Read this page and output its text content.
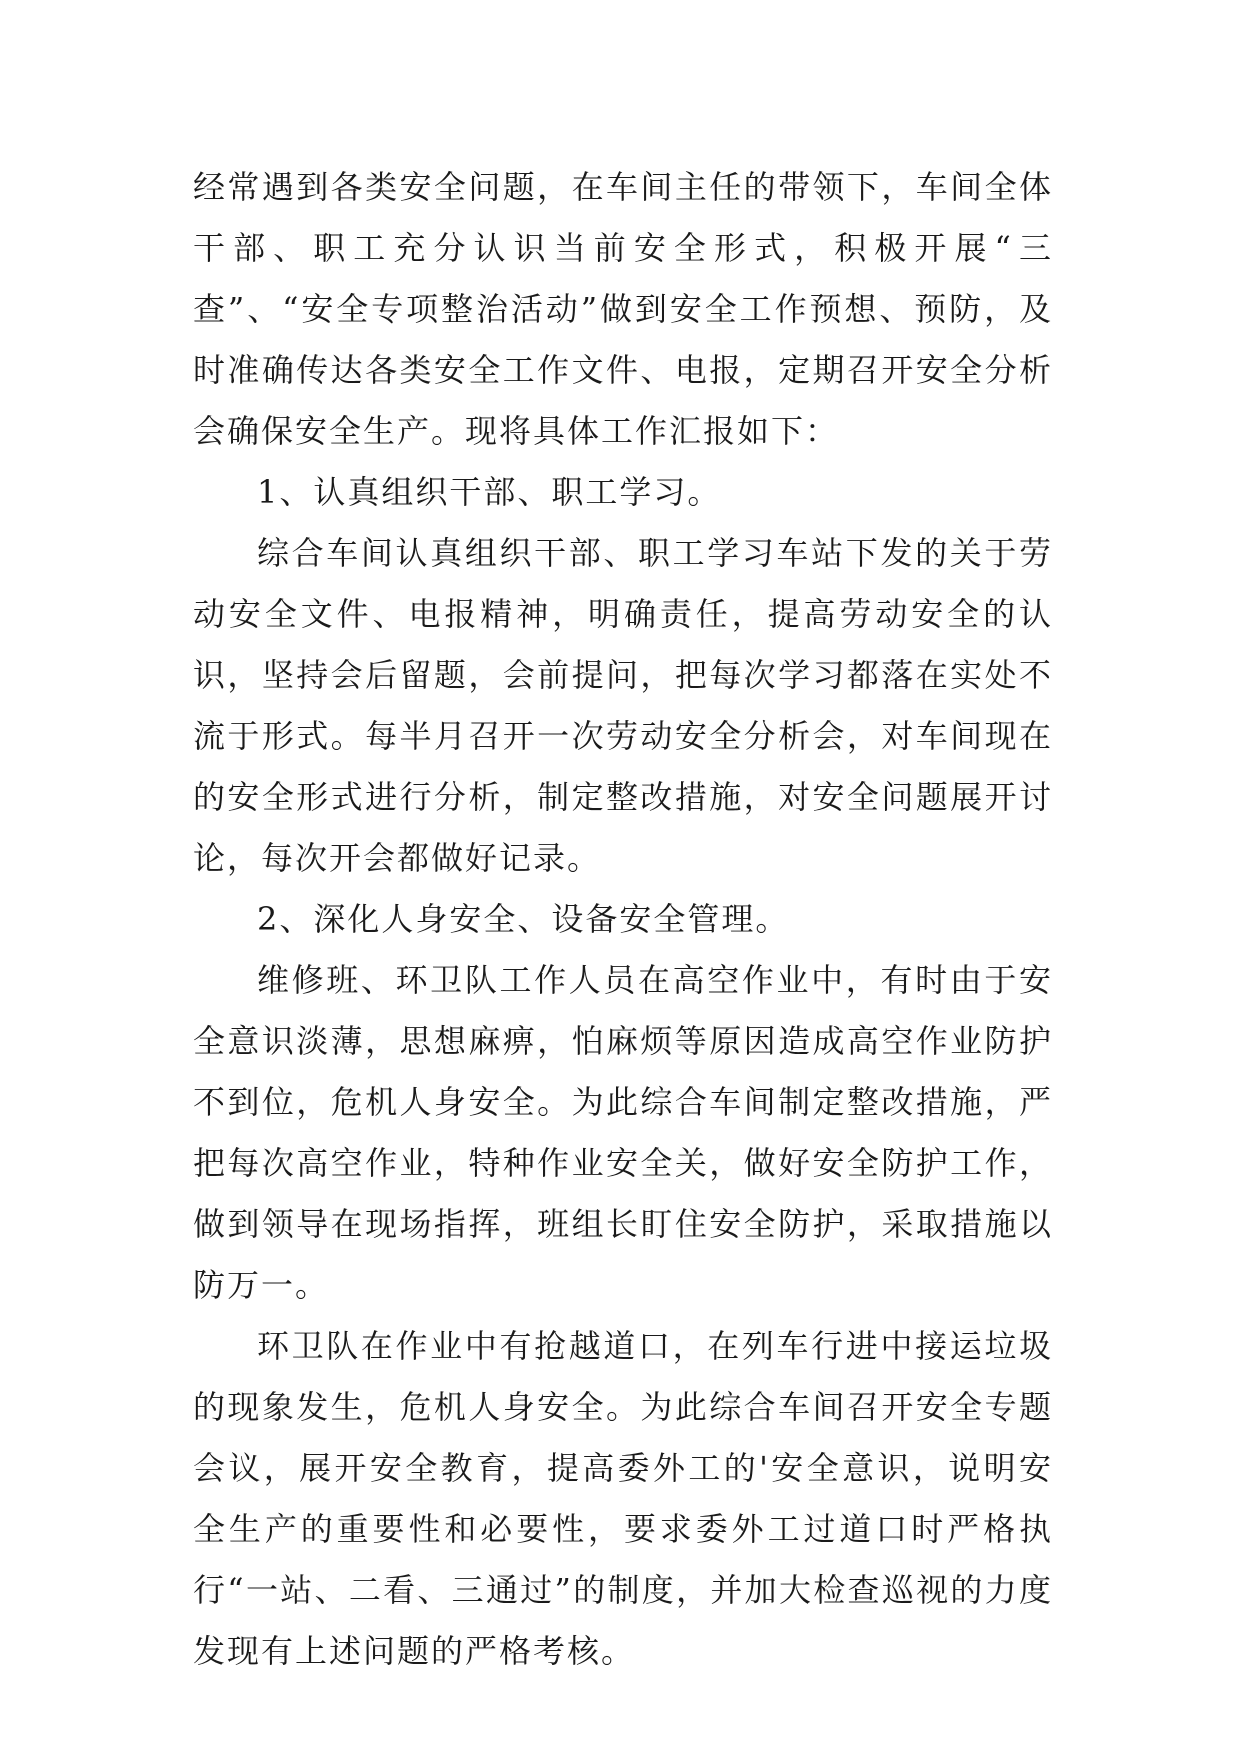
经常遇到各类安全问题，在车间主任的带领下，车间全体干部、职工充分认识当前安全形式，积极开展“三查”、“安全专项整治活动”做到安全工作预想、预防，及时准确传达各类安全工作文件、电报，定期召开安全分析会确保安全生产。现将具体工作汇报如下：

1、认真组织干部、职工学习。

综合车间认真组织干部、职工学习车站下发的关于劳动安全文件、电报精神，明确责任，提高劳动安全的认识，坚持会后留题，会前提问，把每次学习都落在实处不流于形式。每半月召开一次劳动安全分析会，对车间现在的安全形式进行分析，制定整改措施，对安全问题展开讨论，每次开会都做好记录。

2、深化人身安全、设备安全管理。

维修班、环卫队工作人员在高空作业中，有时由于安全意识淡薄，思想麻痹，怕麻烦等原因造成高空作业防护不到位，危机人身安全。为此综合车间制定整改措施，严把每次高空作业，特种作业安全关，做好安全防护工作，做到领导在现场指挥，班组长盯住安全防护，采取措施以防万一。

环卫队在作业中有抢越道口，在列车行进中接运垃圾的现象发生，危机人身安全。为此综合车间召开安全专题会议，展开安全教育，提高委外工的'安全意识，说明安全生产的重要性和必要性，要求委外工过道口时严格执行“一站、二看、三通过”的制度，并加大检查巡视的力度发现有上述问题的严格考核。
